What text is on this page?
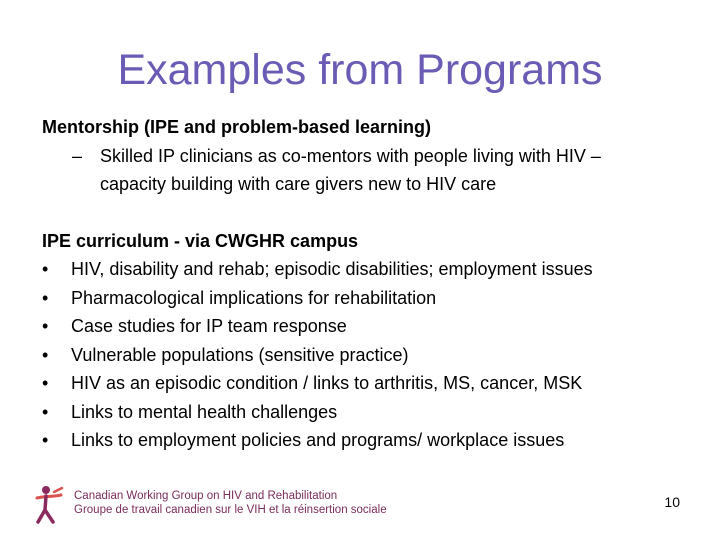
Examples from Programs
Mentorship (IPE and problem-based learning)
– Skilled IP clinicians as co-mentors with people living with HIV –
capacity building with care givers new to HIV care
IPE curriculum - via CWGHR campus
• HIV, disability and rehab; episodic disabilities; employment issues
• Pharmacological implications for rehabilitation
• Case studies for IP team response
• Vulnerable populations (sensitive practice)
• HIV as an episodic condition / links to arthritis, MS, cancer, MSK
• Links to mental health challenges
• Links to employment policies and programs/ workplace issues
Canadian Working Group on HIV and Rehabilitation
Groupe de travail canadien sur le VIH et la réinsertion sociale	10
